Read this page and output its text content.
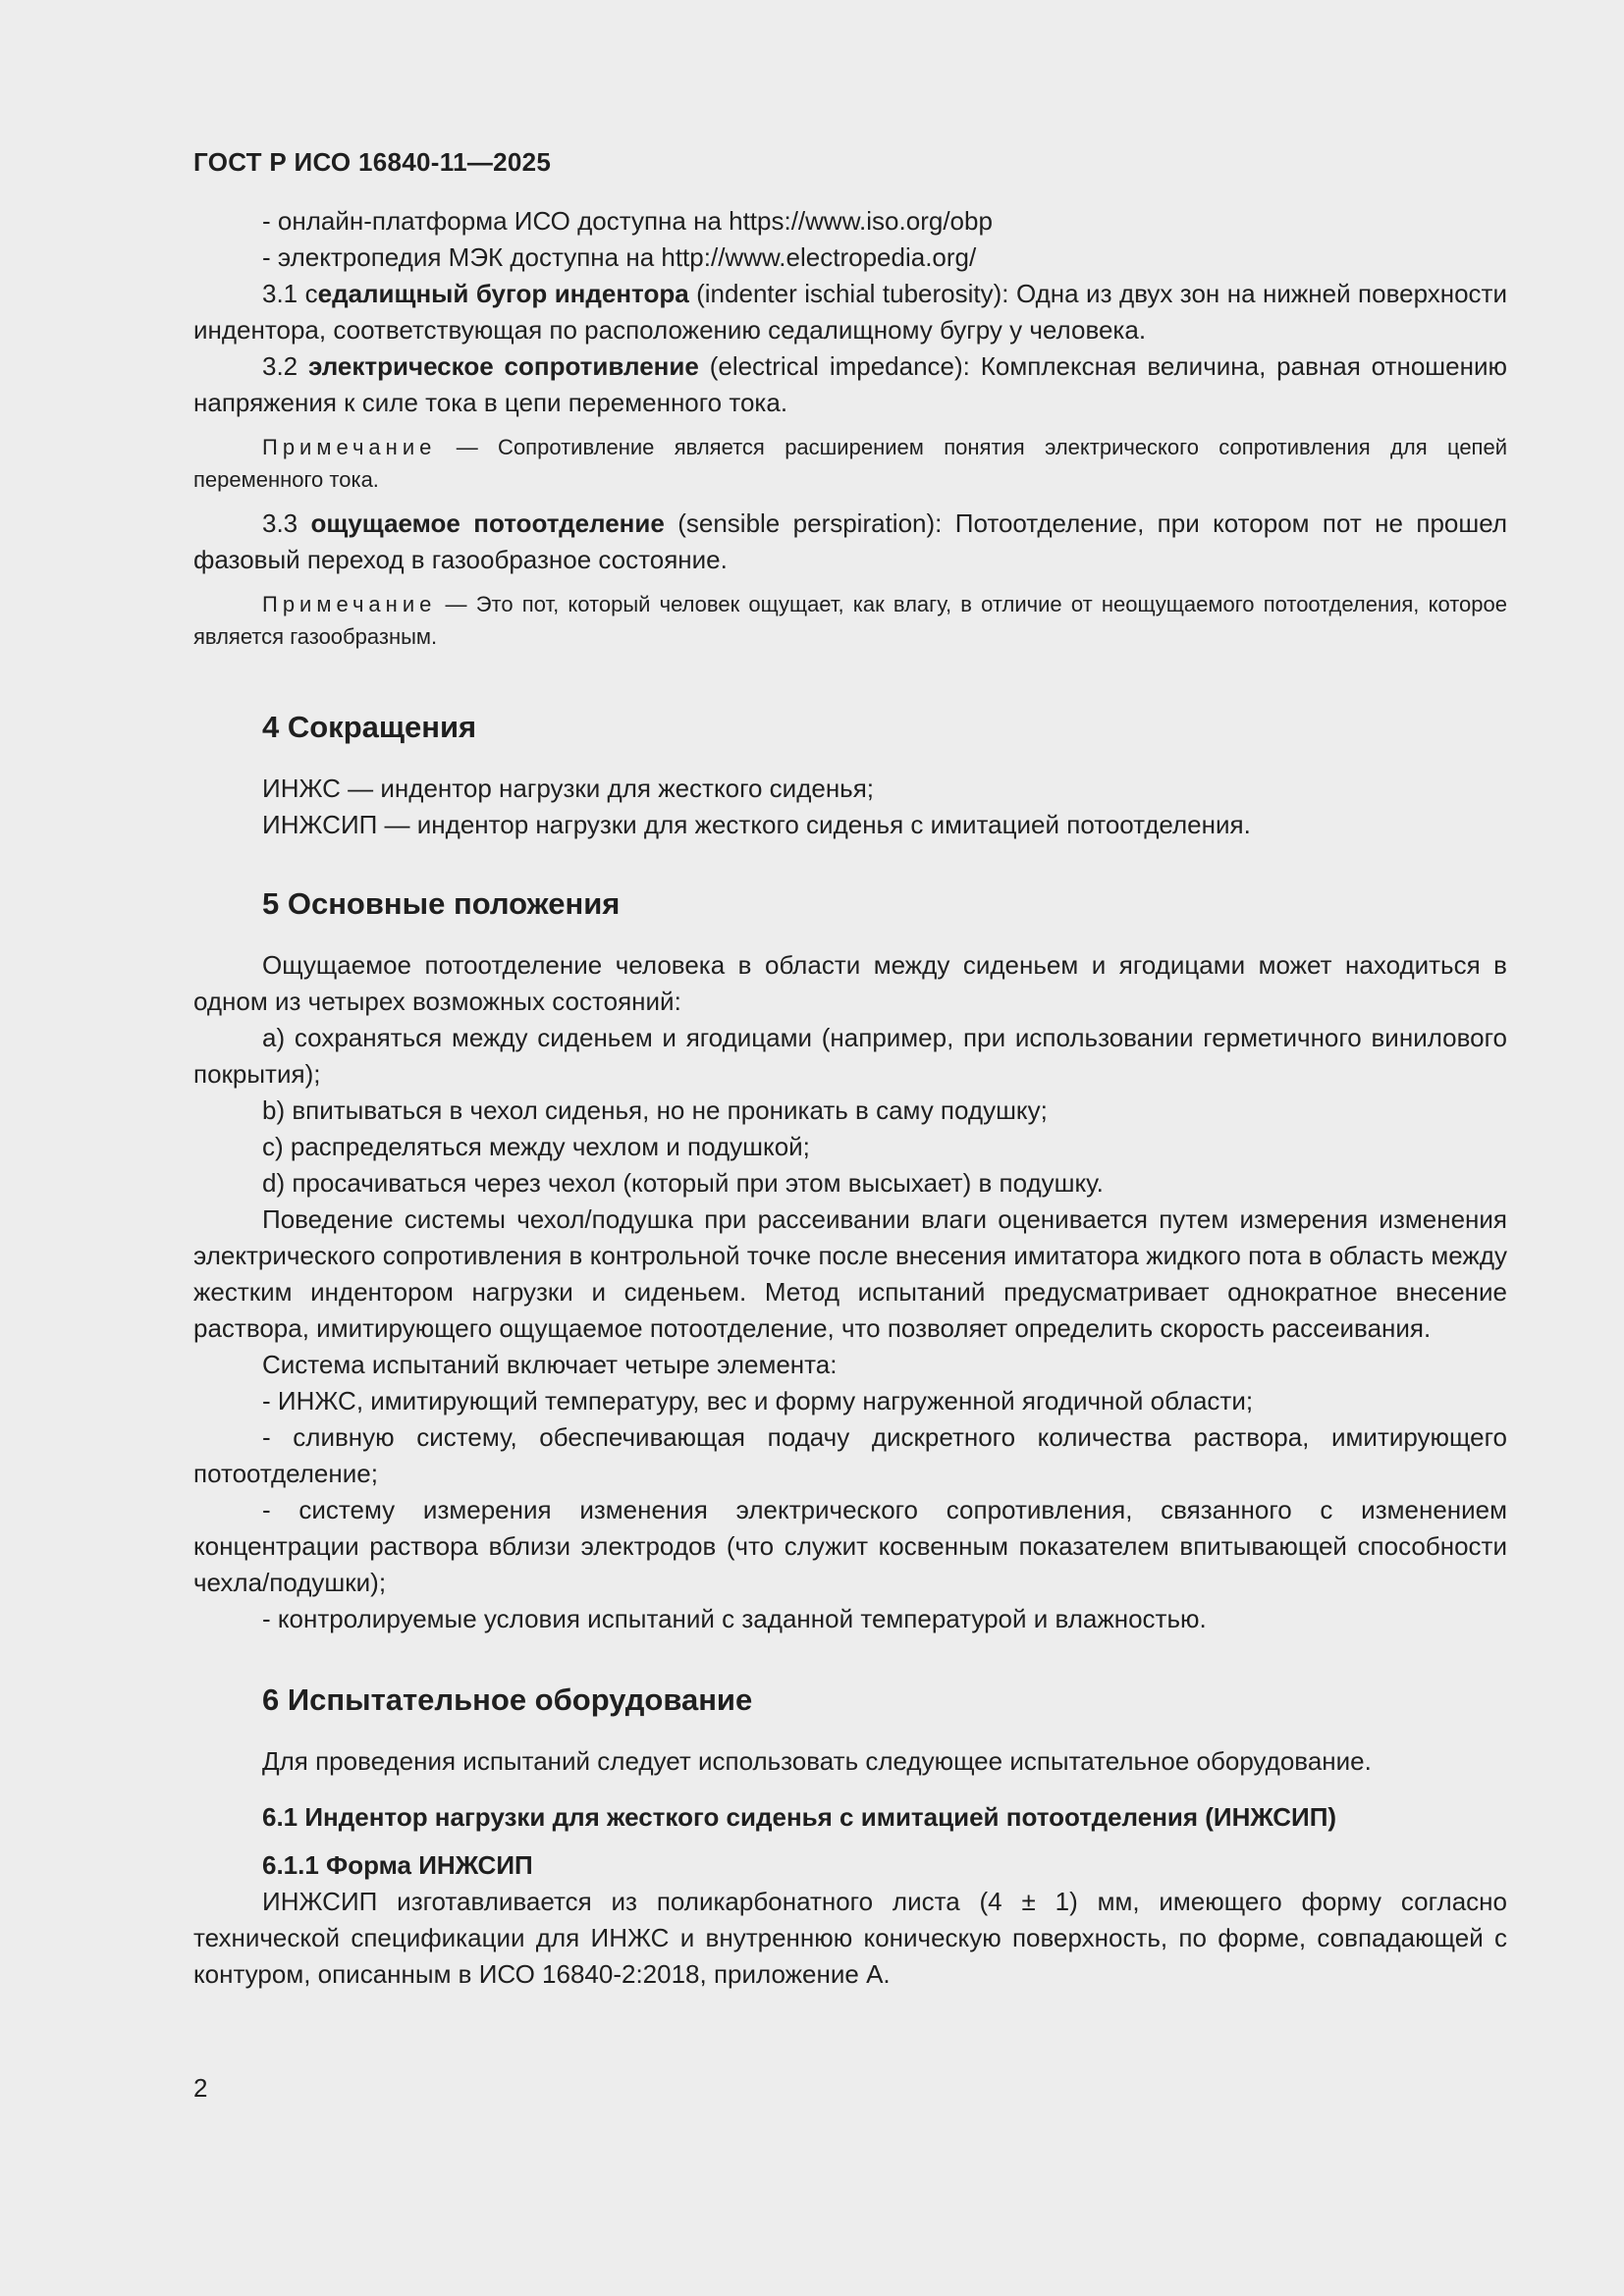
ГОСТ Р ИСО 16840-11—2025

- онлайн-платформа ИСО доступна на https://www.iso.org/obp

- электропедия МЭК доступна на http://www.electropedia.org/

3.1 седалищный бугор индентора (indenter ischial tuberosity): Одна из двух зон на нижней поверхности индентора, соответствующая по расположению седалищному бугру у человека.

3.2 электрическое сопротивление (electrical impedance): Комплексная величина, равная отношению напряжения к силе тока в цепи переменного тока.

Примечание — Сопротивление является расширением понятия электрического сопротивления для цепей переменного тока.

3.3 ощущаемое потоотделение (sensible perspiration): Потоотделение, при котором пот не прошел фазовый переход в газообразное состояние.

Примечание — Это пот, который человек ощущает, как влагу, в отличие от неощущаемого потоотделения, которое является газообразным.

4 Сокращения

ИНЖС — индентор нагрузки для жесткого сиденья;

ИНЖСИП — индентор нагрузки для жесткого сиденья с имитацией потоотделения.

5 Основные положения

Ощущаемое потоотделение человека в области между сиденьем и ягодицами может находиться в одном из четырех возможных состояний:

a) сохраняться между сиденьем и ягодицами (например, при использовании герметичного винилового покрытия);

b) впитываться в чехол сиденья, но не проникать в саму подушку;

c) распределяться между чехлом и подушкой;

d) просачиваться через чехол (который при этом высыхает) в подушку.

Поведение системы чехол/подушка при рассеивании влаги оценивается путем измерения изменения электрического сопротивления в контрольной точке после внесения имитатора жидкого пота в область между жестким индентором нагрузки и сиденьем. Метод испытаний предусматривает однократное внесение раствора, имитирующего ощущаемое потоотделение, что позволяет определить скорость рассеивания.

Система испытаний включает четыре элемента:

- ИНЖС, имитирующий температуру, вес и форму нагруженной ягодичной области;

- сливную систему, обеспечивающая подачу дискретного количества раствора, имитирующего потоотделение;

- систему измерения изменения электрического сопротивления, связанного с изменением концентрации раствора вблизи электродов (что служит косвенным показателем впитывающей способности чехла/подушки);

- контролируемые условия испытаний с заданной температурой и влажностью.

6 Испытательное оборудование

Для проведения испытаний следует использовать следующее испытательное оборудование.

6.1 Индентор нагрузки для жесткого сиденья с имитацией потоотделения (ИНЖСИП)
6.1.1 Форма ИНЖСИП

ИНЖСИП изготавливается из поликарбонатного листа (4 ± 1) мм, имеющего форму согласно технической спецификации для ИНЖС и внутреннюю коническую поверхность, по форме, совпадающей с контуром, описанным в ИСО 16840-2:2018, приложение А.

2
